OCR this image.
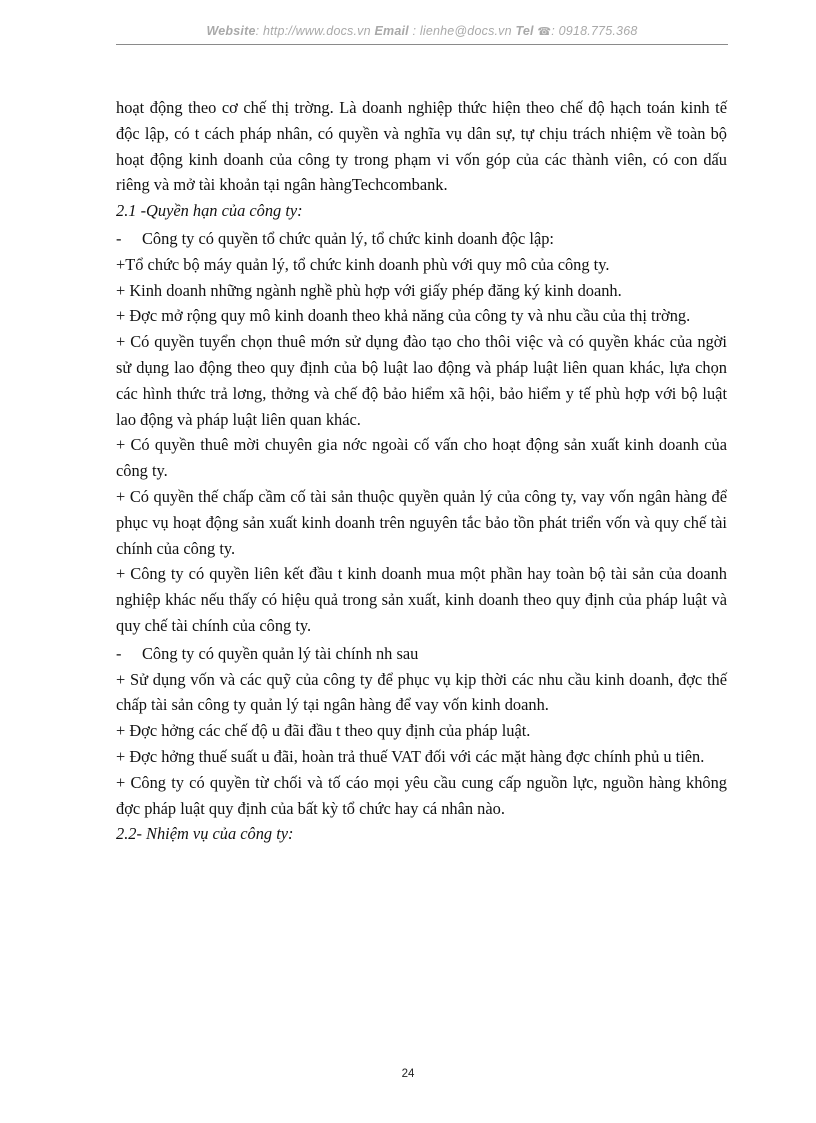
Website: http://www.docs.vn Email : lienhe@docs.vn Tel ☎: 0918.775.368

hoạt động theo cơ chế thị trờng. Là doanh nghiệp thức hiện theo chế độ hạch toán kinh tế độc lập, có t cách pháp nhân, có quyền và nghĩa vụ dân sự, tự chịu trách nhiệm về toàn bộ hoạt động kinh doanh của công ty trong phạm vi vốn góp của các thành viên, có con dấu riêng và mở tài khoản tại ngân hàngTechcombank.

2.1 -Quyền hạn của công ty:
- Công ty có quyền tổ chức quản lý, tổ chức kinh doanh độc lập:

+Tổ chức bộ máy quản lý, tổ chức kinh doanh phù với quy mô của công ty.

+ Kinh doanh những ngành nghề phù hợp với giấy phép đăng ký kinh doanh.

+ Đợc mở rộng quy mô kinh doanh theo khả năng của công ty và nhu cầu của thị trờng.

+ Có quyền tuyển chọn thuê mớn sử dụng đào tạo cho thôi việc và có quyền khác của ngời sử dụng lao động theo quy định của bộ luật lao động và pháp luật liên quan khác, lựa chọn các hình thức trả lơng, thởng và chế độ bảo hiểm xã hội, bảo hiểm y tế phù hợp với bộ luật lao động và pháp luật liên quan khác.

+ Có quyền thuê mời chuyên gia nớc ngoài cố vấn cho hoạt động sản xuất kinh doanh của công ty.

+ Có quyền thế chấp cầm cố tài sản thuộc quyền quản lý của công ty, vay vốn ngân hàng để phục vụ hoạt động sản xuất kinh doanh trên nguyên tắc bảo tồn phát triển vốn và quy chế tài chính của công ty.

+ Công ty có quyền liên kết đầu t kinh doanh mua một phần hay toàn bộ tài sản của doanh nghiệp khác nếu thấy có hiệu quả trong sản xuất, kinh doanh theo quy định của pháp luật và quy chế tài chính của công ty.

- Công ty có quyền quản lý tài chính nh sau

+ Sử dụng vốn và các quỹ của công ty để phục vụ kịp thời các nhu cầu kinh doanh, đợc thế chấp tài sản công ty quản lý tại ngân hàng để vay vốn kinh doanh.

+ Đợc hởng các chế độ u đãi đầu t theo quy định của pháp luật.

+ Đợc hởng thuế suất u đãi, hoàn trả thuế VAT đối với các mặt hàng đợc chính phủ u tiên.

+ Công ty có quyền từ chối và tố cáo mọi yêu cầu cung cấp nguồn lực, nguồn hàng không đợc pháp luật quy định của bất kỳ tổ chức hay cá nhân nào.

2.2- Nhiệm vụ của công ty:
24
